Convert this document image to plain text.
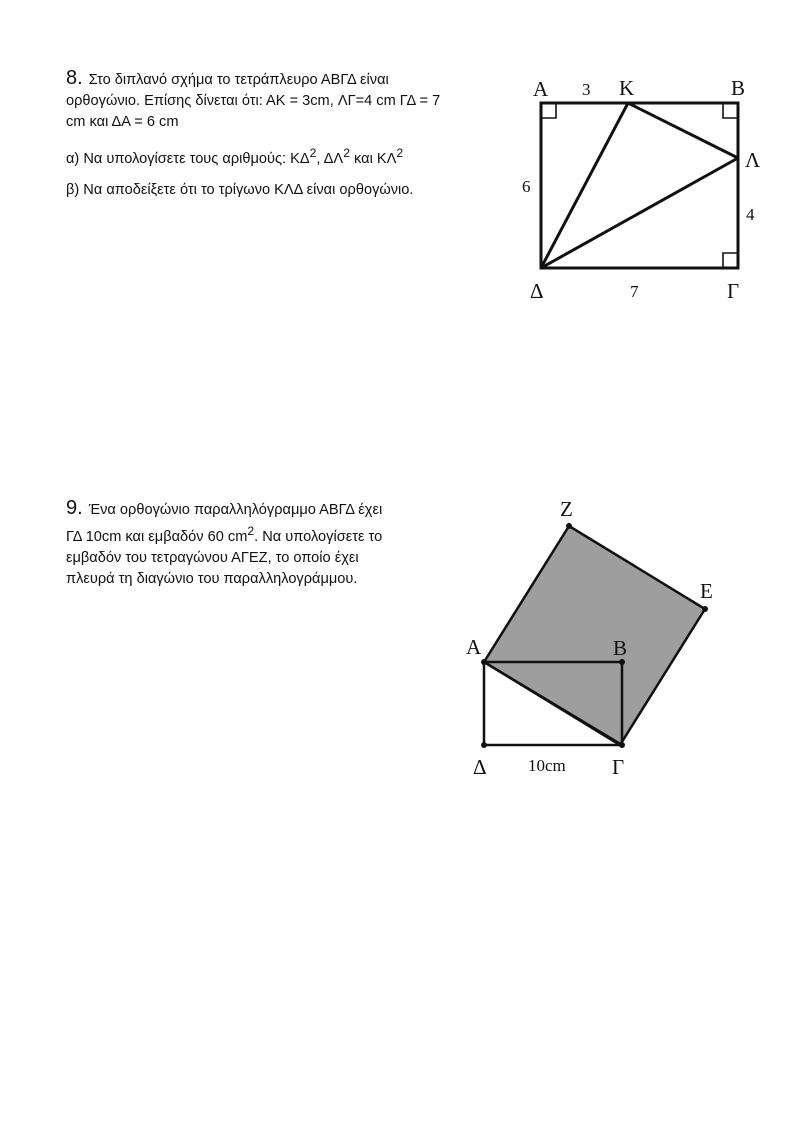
8. Στο διπλανό σχήμα το τετράπλευρο ΑΒΓΔ είναι
ορθογώνιο. Επίσης δίνεται ότι: ΑΚ = 3cm, ΛΓ=4 cm ΓΔ = 7
cm και ΔΑ = 6 cm

α) Να υπολογίσετε τους αριθμούς: $K\Delta^2$, $\Delta\Lambda^2$ και $K\Lambda^2$

β) Να αποδείξετε ότι το τρίγωνο ΚΛΔ είναι ορθογώνιο.

Α 3 Κ	Β
Λ
6
4
Δ	7	Γ

9. Ένα ορθογώνιο παραλληλόγραμμο ΑΒΓΔ έχει
ΓΔ 10cm και εμβαδόν 60 $cm^2$. Να υπολογίσετε το
εμβαδόν του τετραγώνου ΑΓΕΖ, το οποίο έχει
πλευρά τη διαγώνιο του παραλληλογράμμου.

Ζ
Ε
Α	Β
Δ 10cm Γ
